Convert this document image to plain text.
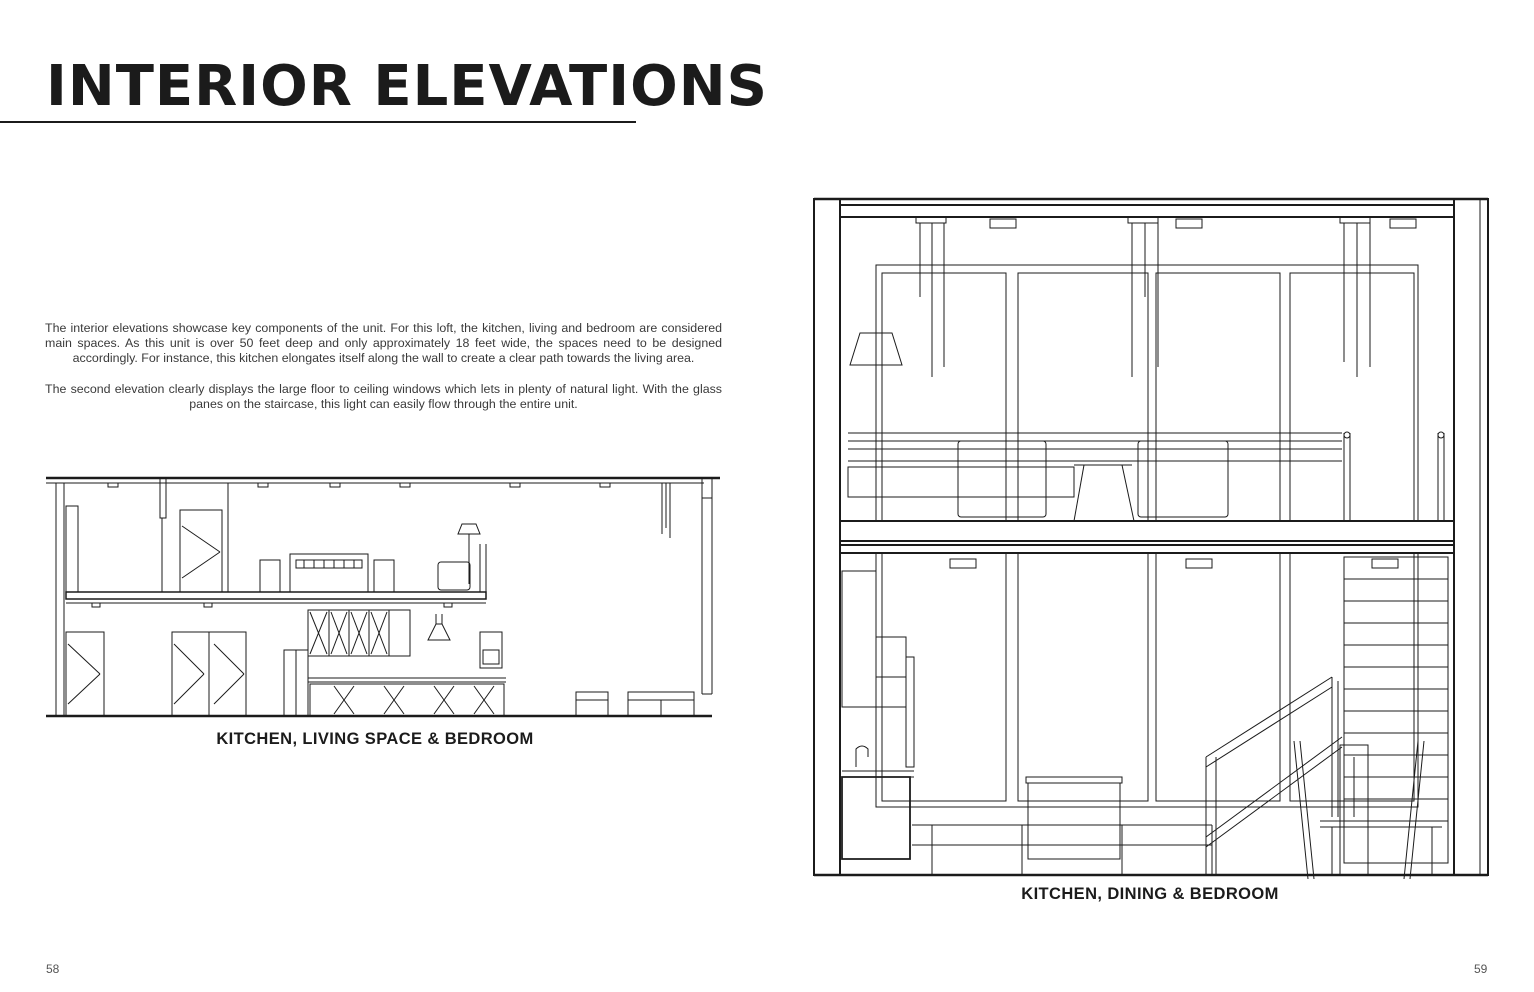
INTERIOR ELEVATIONS

The interior elevations showcase key components of the unit. For this loft, the kitchen, living and bedroom are considered main spaces. As this unit is over 50 feet deep and only approximately 18 feet wide, the spaces need to be designed accordingly. For instance, this kitchen elongates itself along the wall to create a clear path towards the living area.

The second elevation clearly displays the large floor to ceiling windows which lets in plenty of natural light. With the glass panes on the staircase, this light can easily flow through the entire unit.

KITCHEN, LIVING SPACE & BEDROOM
KITCHEN, DINING & BEDROOM
58	59
